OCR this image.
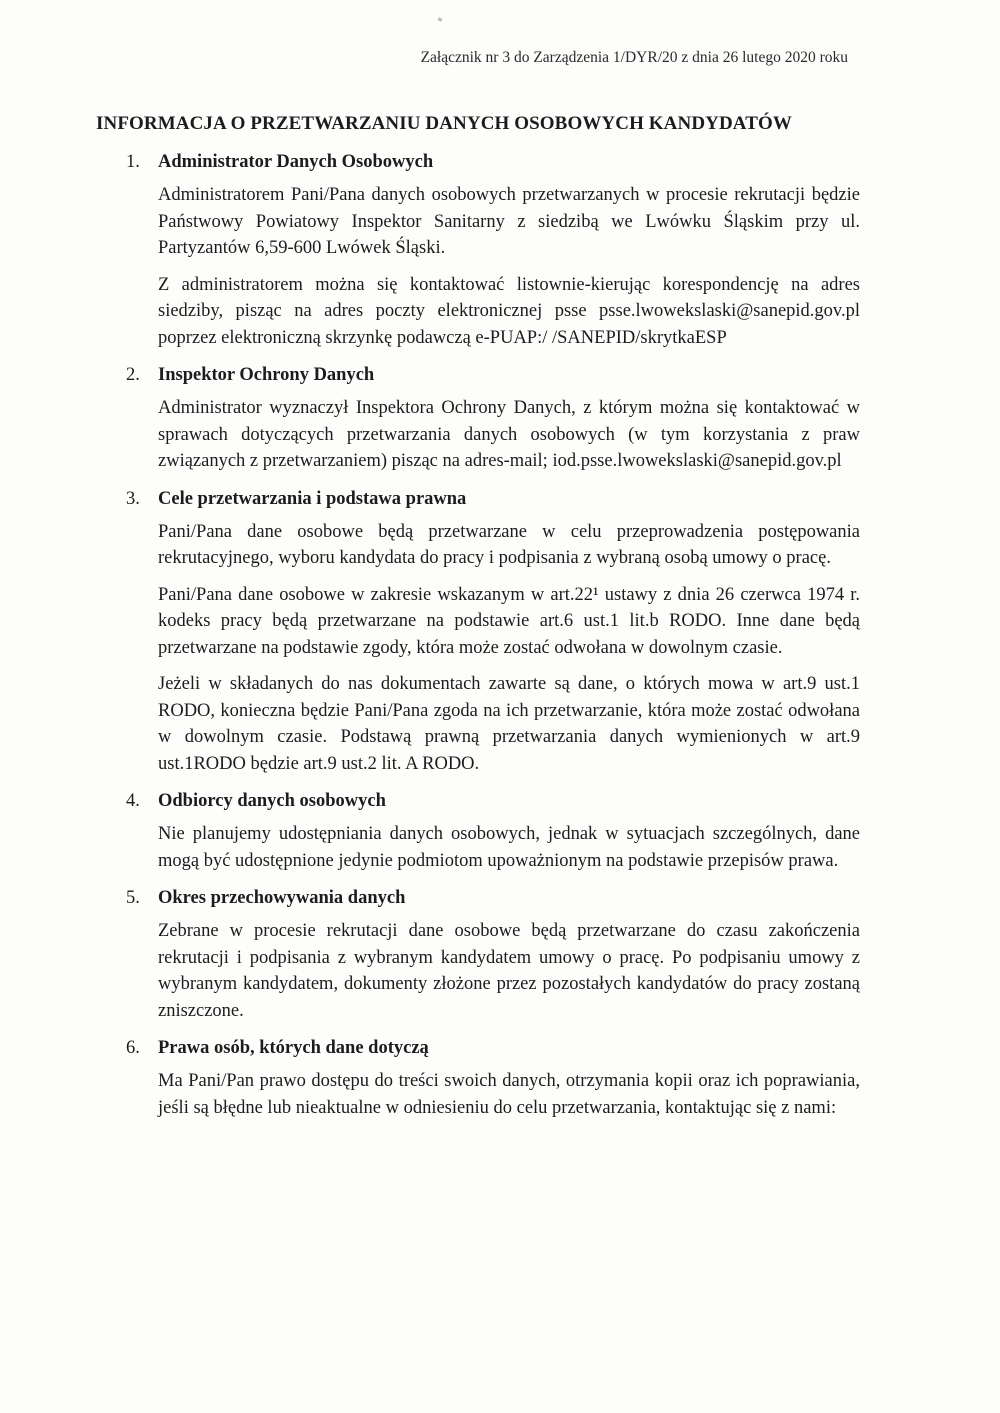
Załącznik nr 3 do Zarządzenia 1/DYR/20 z dnia 26 lutego 2020 roku
INFORMACJA O PRZETWARZANIU DANYCH OSOBOWYCH KANDYDATÓW
1. Administrator Danych Osobowych
Administratorem Pani/Pana danych osobowych przetwarzanych w procesie rekrutacji będzie Państwowy Powiatowy Inspektor Sanitarny z siedzibą we Lwówku Śląskim przy ul. Partyzantów 6,59-600 Lwówek Śląski.
Z administratorem można się kontaktować listownie-kierując korespondencję na adres siedziby, pisząc na adres poczty elektronicznej psse psse.lwowekslaski@sanepid.gov.pl poprzez elektroniczną skrzynkę podawczą e-PUAP:/ /SANEPID/skrytkaESP
2. Inspektor Ochrony Danych
Administrator wyznaczył Inspektora Ochrony Danych, z którym można się kontaktować w sprawach dotyczących przetwarzania danych osobowych (w tym korzystania z praw związanych z przetwarzaniem) pisząc na adres-mail; iod.psse.lwowekslaski@sanepid.gov.pl
3. Cele przetwarzania i podstawa prawna
Pani/Pana dane osobowe będą przetwarzane w celu przeprowadzenia postępowania rekrutacyjnego, wyboru kandydata do pracy i podpisania z wybraną osobą umowy o pracę.
Pani/Pana dane osobowe w zakresie wskazanym w art.22¹ ustawy z dnia 26 czerwca 1974 r. kodeks pracy będą przetwarzane na podstawie art.6 ust.1 lit.b RODO. Inne dane będą przetwarzane na podstawie zgody, która może zostać odwołana w dowolnym czasie.
Jeżeli w składanych do nas dokumentach zawarte są dane, o których mowa w art.9 ust.1 RODO, konieczna będzie Pani/Pana zgoda na ich przetwarzanie, która może zostać odwołana w dowolnym czasie. Podstawą prawną przetwarzania danych wymienionych w art.9 ust.1RODO będzie art.9 ust.2 lit. A RODO.
4. Odbiorcy danych osobowych
Nie planujemy udostępniania danych osobowych, jednak w sytuacjach szczególnych, dane mogą być udostępnione jedynie podmiotom upoważnionym na podstawie przepisów prawa.
5. Okres przechowywania danych
Zebrane w procesie rekrutacji dane osobowe będą przetwarzane do czasu zakończenia rekrutacji i podpisania z wybranym kandydatem umowy o pracę. Po podpisaniu umowy z wybranym kandydatem, dokumenty złożone przez pozostałych kandydatów do pracy zostaną zniszczone.
6. Prawa osób, których dane dotyczą
Ma Pani/Pan prawo dostępu do treści swoich danych, otrzymania kopii oraz ich poprawiania, jeśli są błędne lub nieaktualne w odniesieniu do celu przetwarzania, kontaktując się z nami:
